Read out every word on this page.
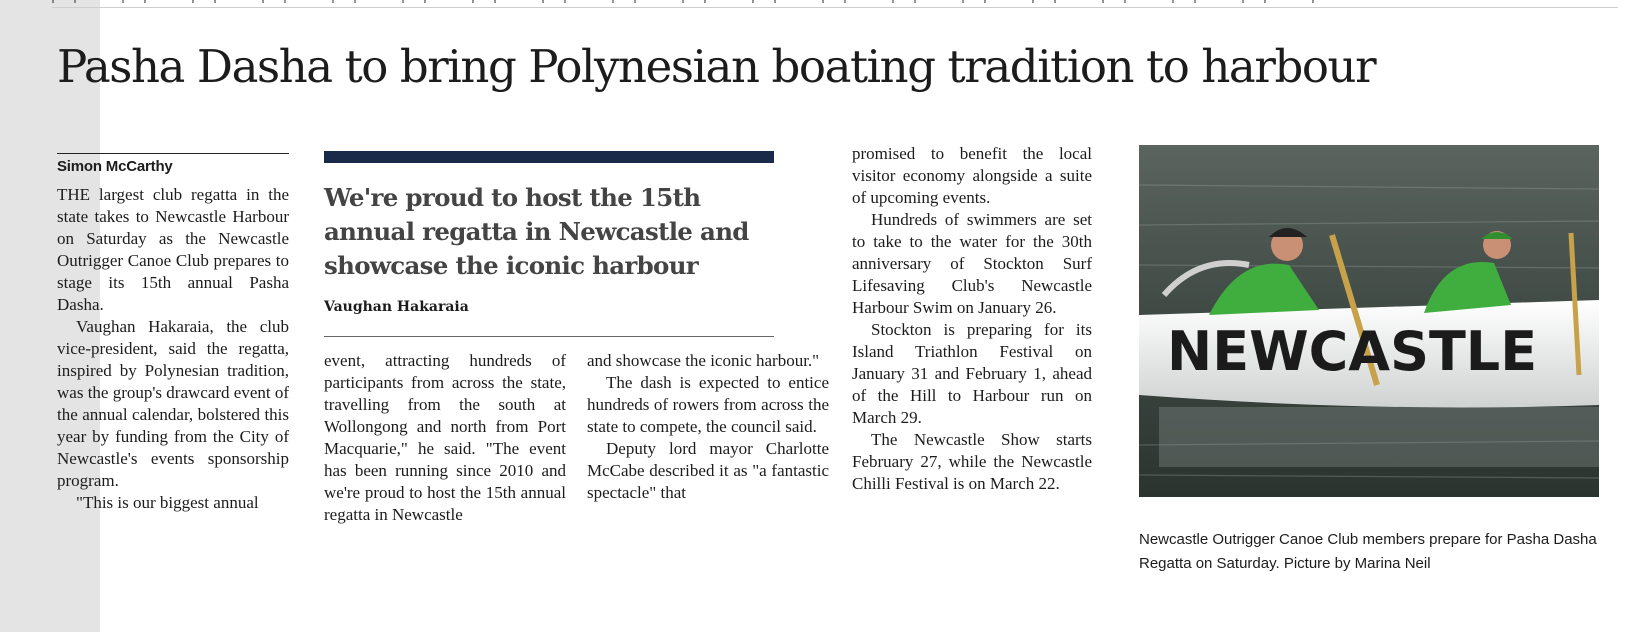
Pasha Dasha to bring Polynesian boating tradition to harbour
Simon McCarthy

THE largest club regatta in the state takes to Newcastle Harbour on Saturday as the Newcastle Outrigger Canoe Club prepares to stage its 15th annual Pasha Dasha.

Vaughan Hakaraia, the club vice-president, said the regatta, inspired by Polynesian tradition, was the group's drawcard event of the annual calendar, bolstered this year by funding from the City of Newcastle's events sponsorship program.

"This is our biggest annual

We're proud to host the 15th annual regatta in Newcastle and showcase the iconic harbour

Vaughan Hakaraia

event, attracting hundreds of participants from across the state, travelling from the south at Wollongong and north from Port Macquarie," he said. "The event has been running since 2010 and we're proud to host the 15th annual regatta in Newcastle

and showcase the iconic harbour."

The dash is expected to entice hundreds of rowers from across the state to compete, the council said.

Deputy lord mayor Charlotte McCabe described it as "a fantastic spectacle" that

promised to benefit the local visitor economy alongside a suite of upcoming events.

Hundreds of swimmers are set to take to the water for the 30th anniversary of Stockton Surf Lifesaving Club's Newcastle Harbour Swim on January 26.

Stockton is preparing for its Island Triathlon Festival on January 31 and February 1, ahead of the Hill to Harbour run on March 29.

The Newcastle Show starts February 27, while the Newcastle Chilli Festival is on March 22.

NEWCASTLE

Newcastle Outrigger Canoe Club members prepare for Pasha Dasha Regatta on Saturday. Picture by Marina Neil
